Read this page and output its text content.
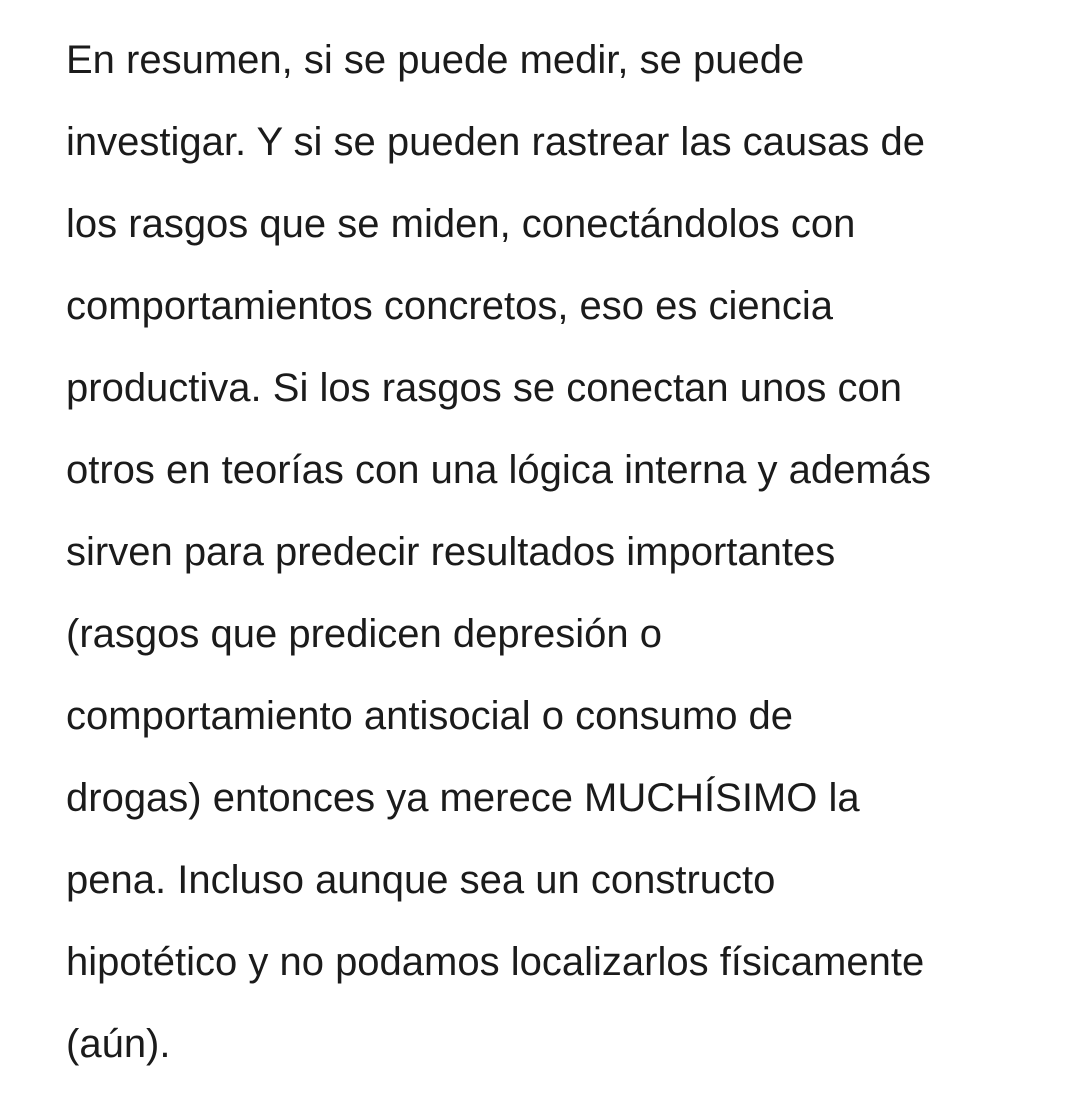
En resumen, si se puede medir, se puede
investigar. Y si se pueden rastrear las causas de
los rasgos que se miden, conectándolos con
comportamientos concretos, eso es ciencia
productiva. Si los rasgos se conectan unos con
otros en teorías con una lógica interna y además
sirven para predecir resultados importantes
(rasgos que predicen depresión o
comportamiento antisocial o consumo de
drogas) entonces ya merece MUCHÍSIMO la
pena. Incluso aunque sea un constructo
hipotético y no podamos localizarlos físicamente
(aún).
